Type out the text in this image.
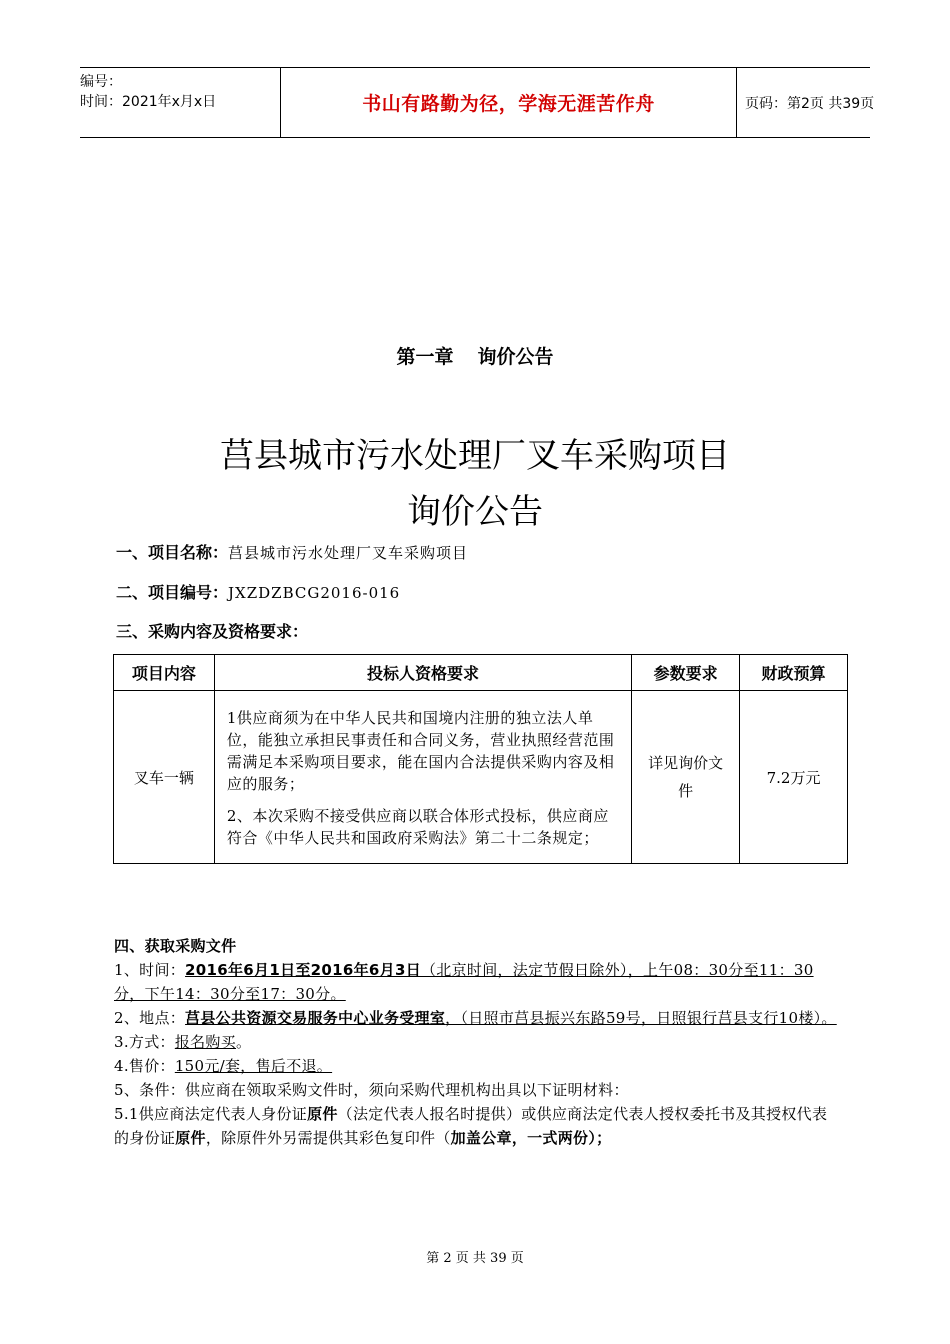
编号：
时间：2021年x月x日	书山有路勤为径，学海无涯苦作舟	页码：第2页 共39页
第一章 询价公告
莒县城市污水处理厂叉车采购项目
询价公告
一、项目名称：莒县城市污水处理厂叉车采购项目
二、项目编号：JXZDZBCG2016-016
三、采购内容及资格要求：
项目内容	投标人资格要求	参数要求	财政预算
叉车一辆	1供应商须为在中华人民共和国境内注册的独立法人单位，能独立承担民事责任和合同义务，营业执照经营范围需满足本采购项目要求，能在国内合法提供采购内容及相应的服务；

2、本次采购不接受供应商以联合体形式投标，供应商应符合《中华人民共和国政府采购法》第二十二条规定；	详见询价文件	7.2万元
四、获取采购文件
1、时间：2016年6月1日至2016年6月3日（北京时间，法定节假日除外），上午08：30分至11：30分，下午14：30分至17：30分。
2、地点：莒县公共资源交易服务中心业务受理室，（日照市莒县振兴东路59号，日照银行莒县支行10楼）。
3.方式：报名购买。
4.售价：150元/套，售后不退。
5、条件：供应商在领取采购文件时，须向采购代理机构出具以下证明材料：
5.1供应商法定代表人身份证原件（法定代表人报名时提供）或供应商法定代表人授权委托书及其授权代表的身份证原件，除原件外另需提供其彩色复印件（加盖公章，一式两份）；
第 2 页 共 39 页
